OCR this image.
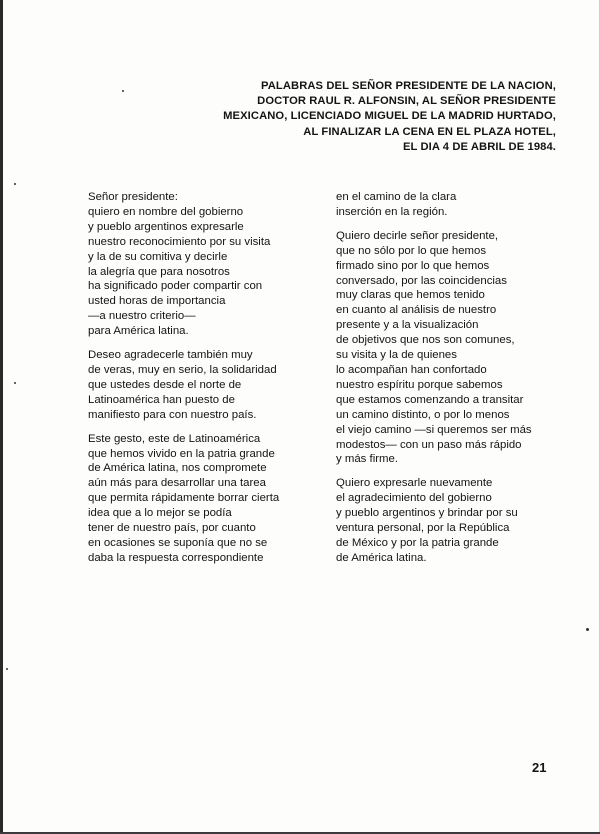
PALABRAS DEL SEÑOR PRESIDENTE DE LA NACION,
DOCTOR RAUL R. ALFONSIN, AL SEÑOR PRESIDENTE
MEXICANO, LICENCIADO MIGUEL DE LA MADRID HURTADO,
AL FINALIZAR LA CENA EN EL PLAZA HOTEL,
EL DIA 4 DE ABRIL DE 1984.
Señor presidente:
quiero en nombre del gobierno
y pueblo argentinos expresarle
nuestro reconocimiento por su visita
y la de su comitiva y decirle
la alegría que para nosotros
ha significado poder compartir con
usted horas de importancia
—a nuestro criterio—
para América latina.
Deseo agradecerle también muy
de veras, muy en serio, la solidaridad
que ustedes desde el norte de
Latinoamérica han puesto de
manifiesto para con nuestro país.
Este gesto, este de Latinoamérica
que hemos vivido en la patria grande
de América latina, nos compromete
aún más para desarrollar una tarea
que permita rápidamente borrar cierta
idea que a lo mejor se podía
tener de nuestro país, por cuanto
en ocasiones se suponía que no se
daba la respuesta correspondiente
en el camino de la clara
inserción en la región.
Quiero decirle señor presidente,
que no sólo por lo que hemos
firmado sino por lo que hemos
conversado, por las coincidencias
muy claras que hemos tenido
en cuanto al análisis de nuestro
presente y a la visualización
de objetivos que nos son comunes,
su visita y la de quienes
lo acompañan han confortado
nuestro espíritu porque sabemos
que estamos comenzando a transitar
un camino distinto, o por lo menos
el viejo camino —si queremos ser más
modestos— con un paso más rápido
y más firme.
Quiero expresarle nuevamente
el agradecimiento del gobierno
y pueblo argentinos y brindar por su
ventura personal, por la República
de México y por la patria grande
de América latina.
21
